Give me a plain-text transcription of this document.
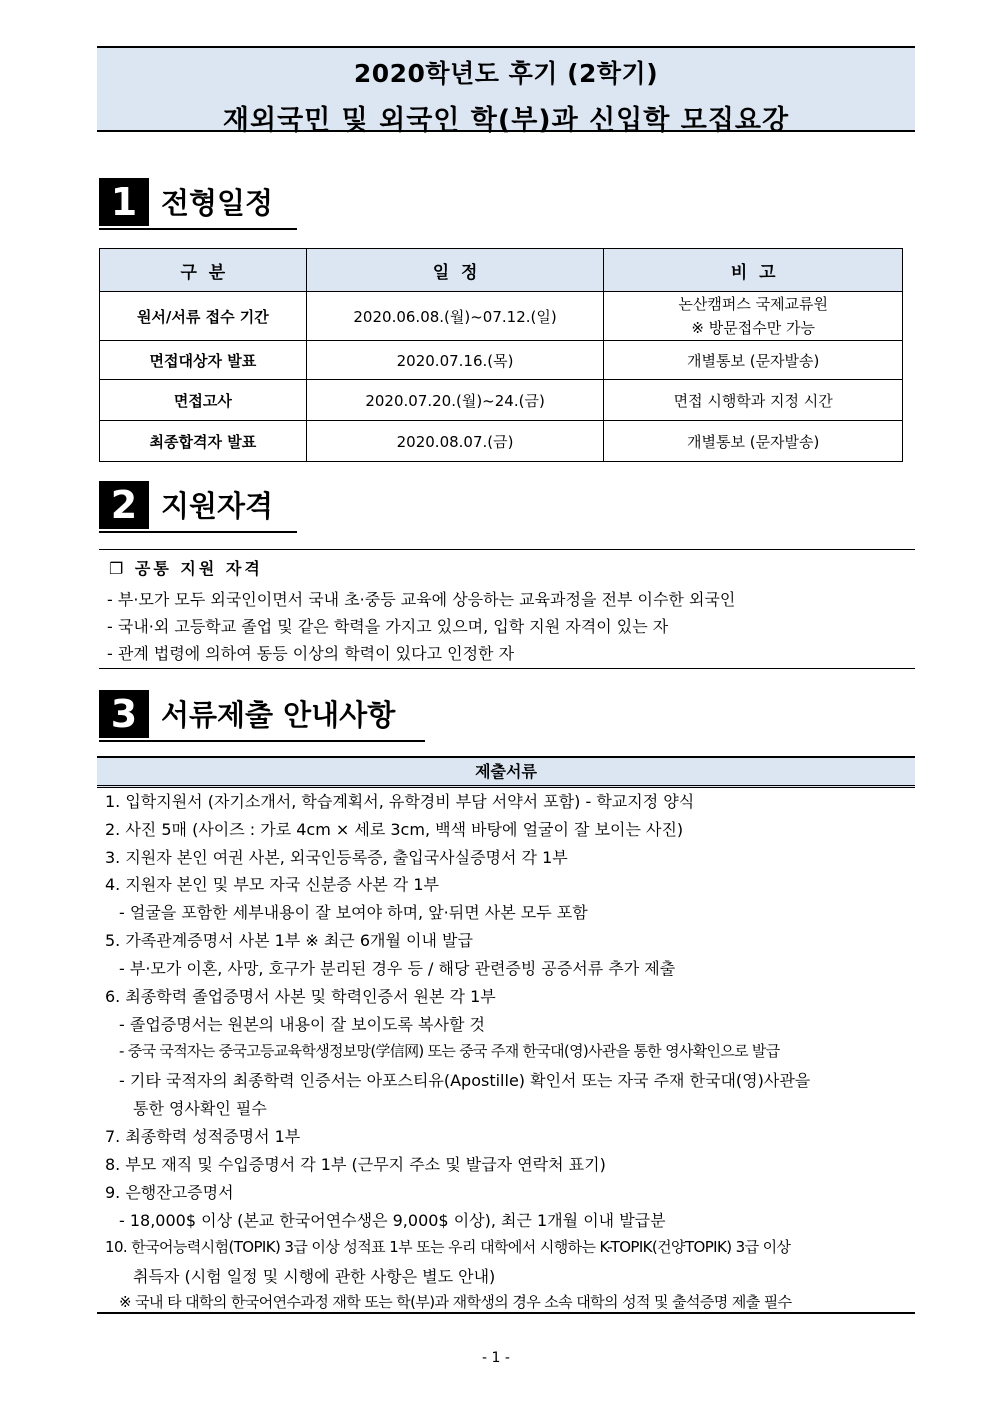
2020학년도 후기 (2학기)
재외국민 및 외국인 학(부)과 신입학 모집요강
1 전형일정
구  분	일  정	비  고
원서/서류 접수 기간	2020.06.08.(월)~07.12.(일)	논산캠퍼스 국제교류원
※ 방문접수만 가능

면접대상자 발표	2020.07.16.(목)	개별통보 (문자발송)
면접고사	2020.07.20.(월)~24.(금)	면접 시행학과 지정 시간
최종합격자 발표	2020.08.07.(금)	개별통보 (문자발송)
2 지원자격
❐ 공통 지원 자격
- 부·모가 모두 외국인이면서 국내 초·중등 교육에 상응하는 교육과정을 전부 이수한 외국인
- 국내·외 고등학교 졸업 및 같은 학력을 가지고 있으며, 입학 지원 자격이 있는 자
- 관계 법령에 의하여 동등 이상의 학력이 있다고 인정한 자
3 서류제출 안내사항
제출서류
1. 입학지원서 (자기소개서, 학습계획서, 유학경비 부담 서약서 포함) - 학교지정 양식
2. 사진 5매 (사이즈 : 가로 4cm × 세로 3cm, 백색 바탕에 얼굴이 잘 보이는 사진)
3. 지원자 본인 여권 사본, 외국인등록증, 출입국사실증명서 각 1부
4. 지원자 본인 및 부모 자국 신분증 사본 각 1부
- 얼굴을 포함한 세부내용이 잘 보여야 하며, 앞·뒤면 사본 모두 포함
5. 가족관계증명서 사본 1부 ※ 최근 6개월 이내 발급
- 부·모가 이혼, 사망, 호구가 분리된 경우 등 / 해당 관련증빙 공증서류 추가 제출
6. 최종학력 졸업증명서 사본 및 학력인증서 원본 각 1부
- 졸업증명서는 원본의 내용이 잘 보이도록 복사할 것
- 중국 국적자는 중국고등교육학생정보망(学信网) 또는 중국 주재 한국대(영)사관을 통한 영사확인으로 발급
- 기타 국적자의 최종학력 인증서는 아포스티유(Apostille) 확인서 또는 자국 주재 한국대(영)사관을
통한 영사확인 필수
7. 최종학력 성적증명서 1부
8. 부모 재직 및 수입증명서 각 1부 (근무지 주소 및 발급자 연락처 표기)
9. 은행잔고증명서
- 18,000$ 이상 (본교 한국어연수생은 9,000$ 이상), 최근 1개월 이내 발급분
10. 한국어능력시험(TOPIK) 3급 이상 성적표 1부 또는 우리 대학에서 시행하는 K-TOPIK(건양TOPIK) 3급 이상
취득자 (시험 일정 및 시행에 관한 사항은 별도 안내)
※ 국내 타 대학의 한국어연수과정 재학 또는 학(부)과 재학생의 경우 소속 대학의 성적 및 출석증명 제출 필수
- 1 -
